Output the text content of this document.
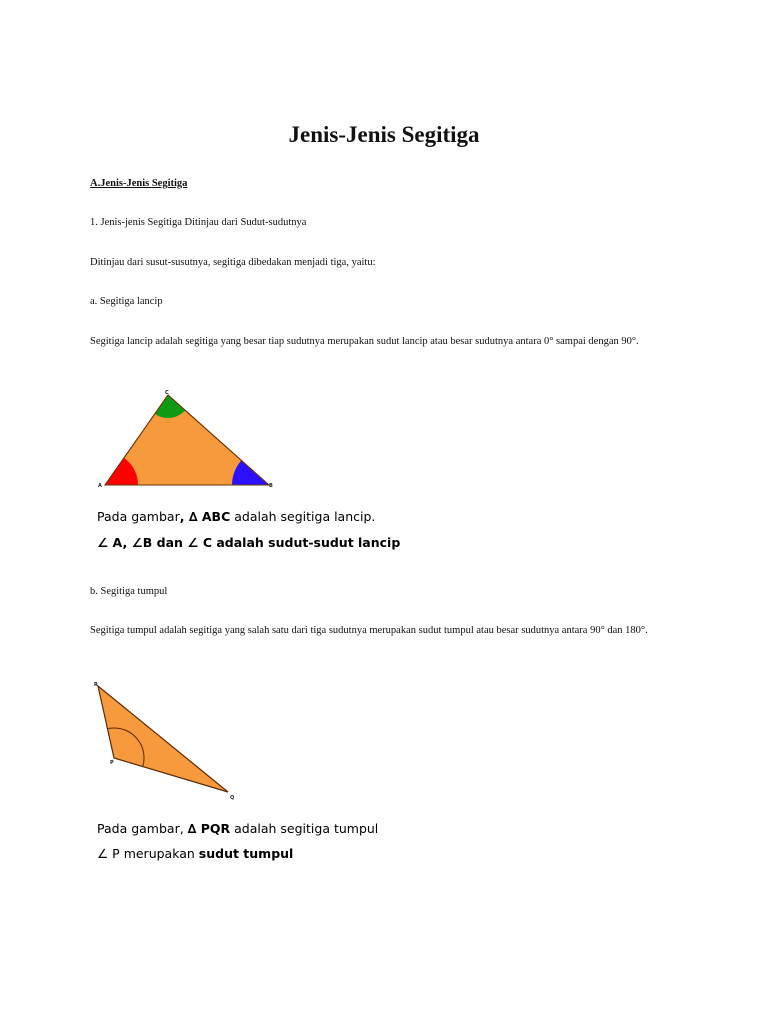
Jenis-Jenis Segitiga
A.Jenis-Jenis Segitiga
1. Jenis-jenis Segitiga Ditinjau dari Sudut-sudutnya
Ditinjau dari susut-susutnya, segitiga dibedakan menjadi tiga, yaitu:
a. Segitiga lancip
Segitiga lancip adalah segitiga yang besar tiap sudutnya merupakan sudut lancip atau besar sudutnya antara 0° sampai dengan 90°.
A	B
C
Pada gambar, ∆ ABC adalah segitiga lancip.
∠ A, ∠B dan ∠ C adalah sudut-sudut lancip
b. Segitiga tumpul
Segitiga tumpul adalah segitiga yang salah satu dari tiga sudutnya merupakan sudut tumpul atau besar sudutnya antara 90° dan 180°.
R
P
Q
Pada gambar, ∆ PQR adalah segitiga tumpul
∠ P merupakan sudut tumpul
